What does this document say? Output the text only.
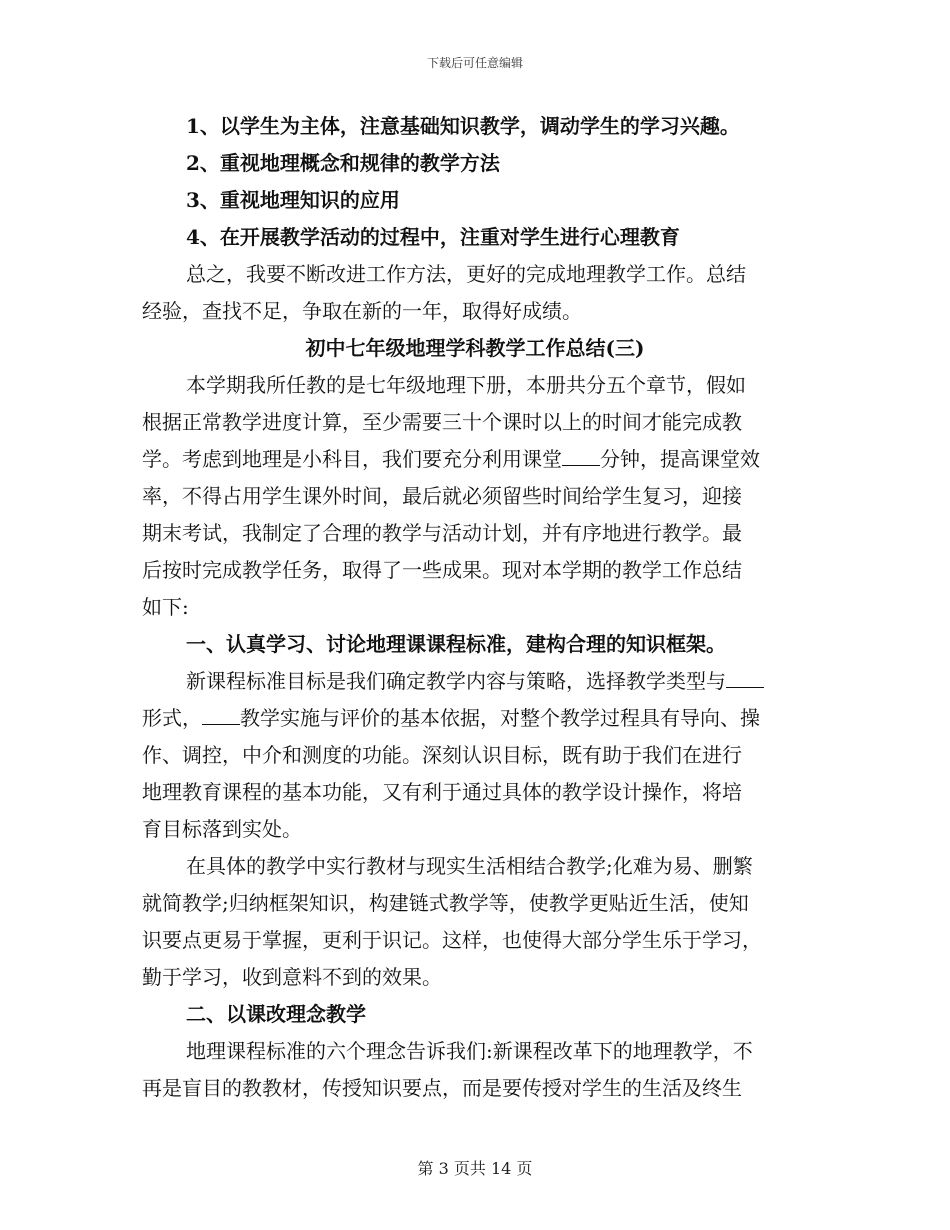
下载后可任意编辑
1、以学生为主体，注意基础知识教学，调动学生的学习兴趣。
2、重视地理概念和规律的教学方法
3、重视地理知识的应用
4、在开展教学活动的过程中，注重对学生进行心理教育
总之，我要不断改进工作方法，更好的完成地理教学工作。总结
经验，查找不足，争取在新的一年，取得好成绩。
初中七年级地理学科教学工作总结(三)
本学期我所任教的是七年级地理下册，本册共分五个章节，假如
根据正常教学进度计算，至少需要三十个课时以上的时间才能完成教
学。考虑到地理是小科目，我们要充分利用课堂 分钟，提高课堂效
率，不得占用学生课外时间，最后就必须留些时间给学生复习，迎接
期末考试，我制定了合理的教学与活动计划，并有序地进行教学。最
后按时完成教学任务，取得了一些成果。现对本学期的教学工作总结
如下:
一、认真学习、讨论地理课课程标准，建构合理的知识框架。
新课程标准目标是我们确定教学内容与策略，选择教学类型与
形式， 教学实施与评价的基本依据，对整个教学过程具有导向、操
作、调控，中介和测度的功能。深刻认识目标，既有助于我们在进行
地理教育课程的基本功能，又有利于通过具体的教学设计操作，将培
育目标落到实处。
在具体的教学中实行教材与现实生活相结合教学;化难为易、删繁
就简教学;归纳框架知识，构建链式教学等，使教学更贴近生活，使知
识要点更易于掌握，更利于识记。这样，也使得大部分学生乐于学习，
勤于学习，收到意料不到的效果。
二、以课改理念教学
地理课程标准的六个理念告诉我们:新课程改革下的地理教学，不
再是盲目的教教材，传授知识要点，而是要传授对学生的生活及终生
第 3 页共 14 页
